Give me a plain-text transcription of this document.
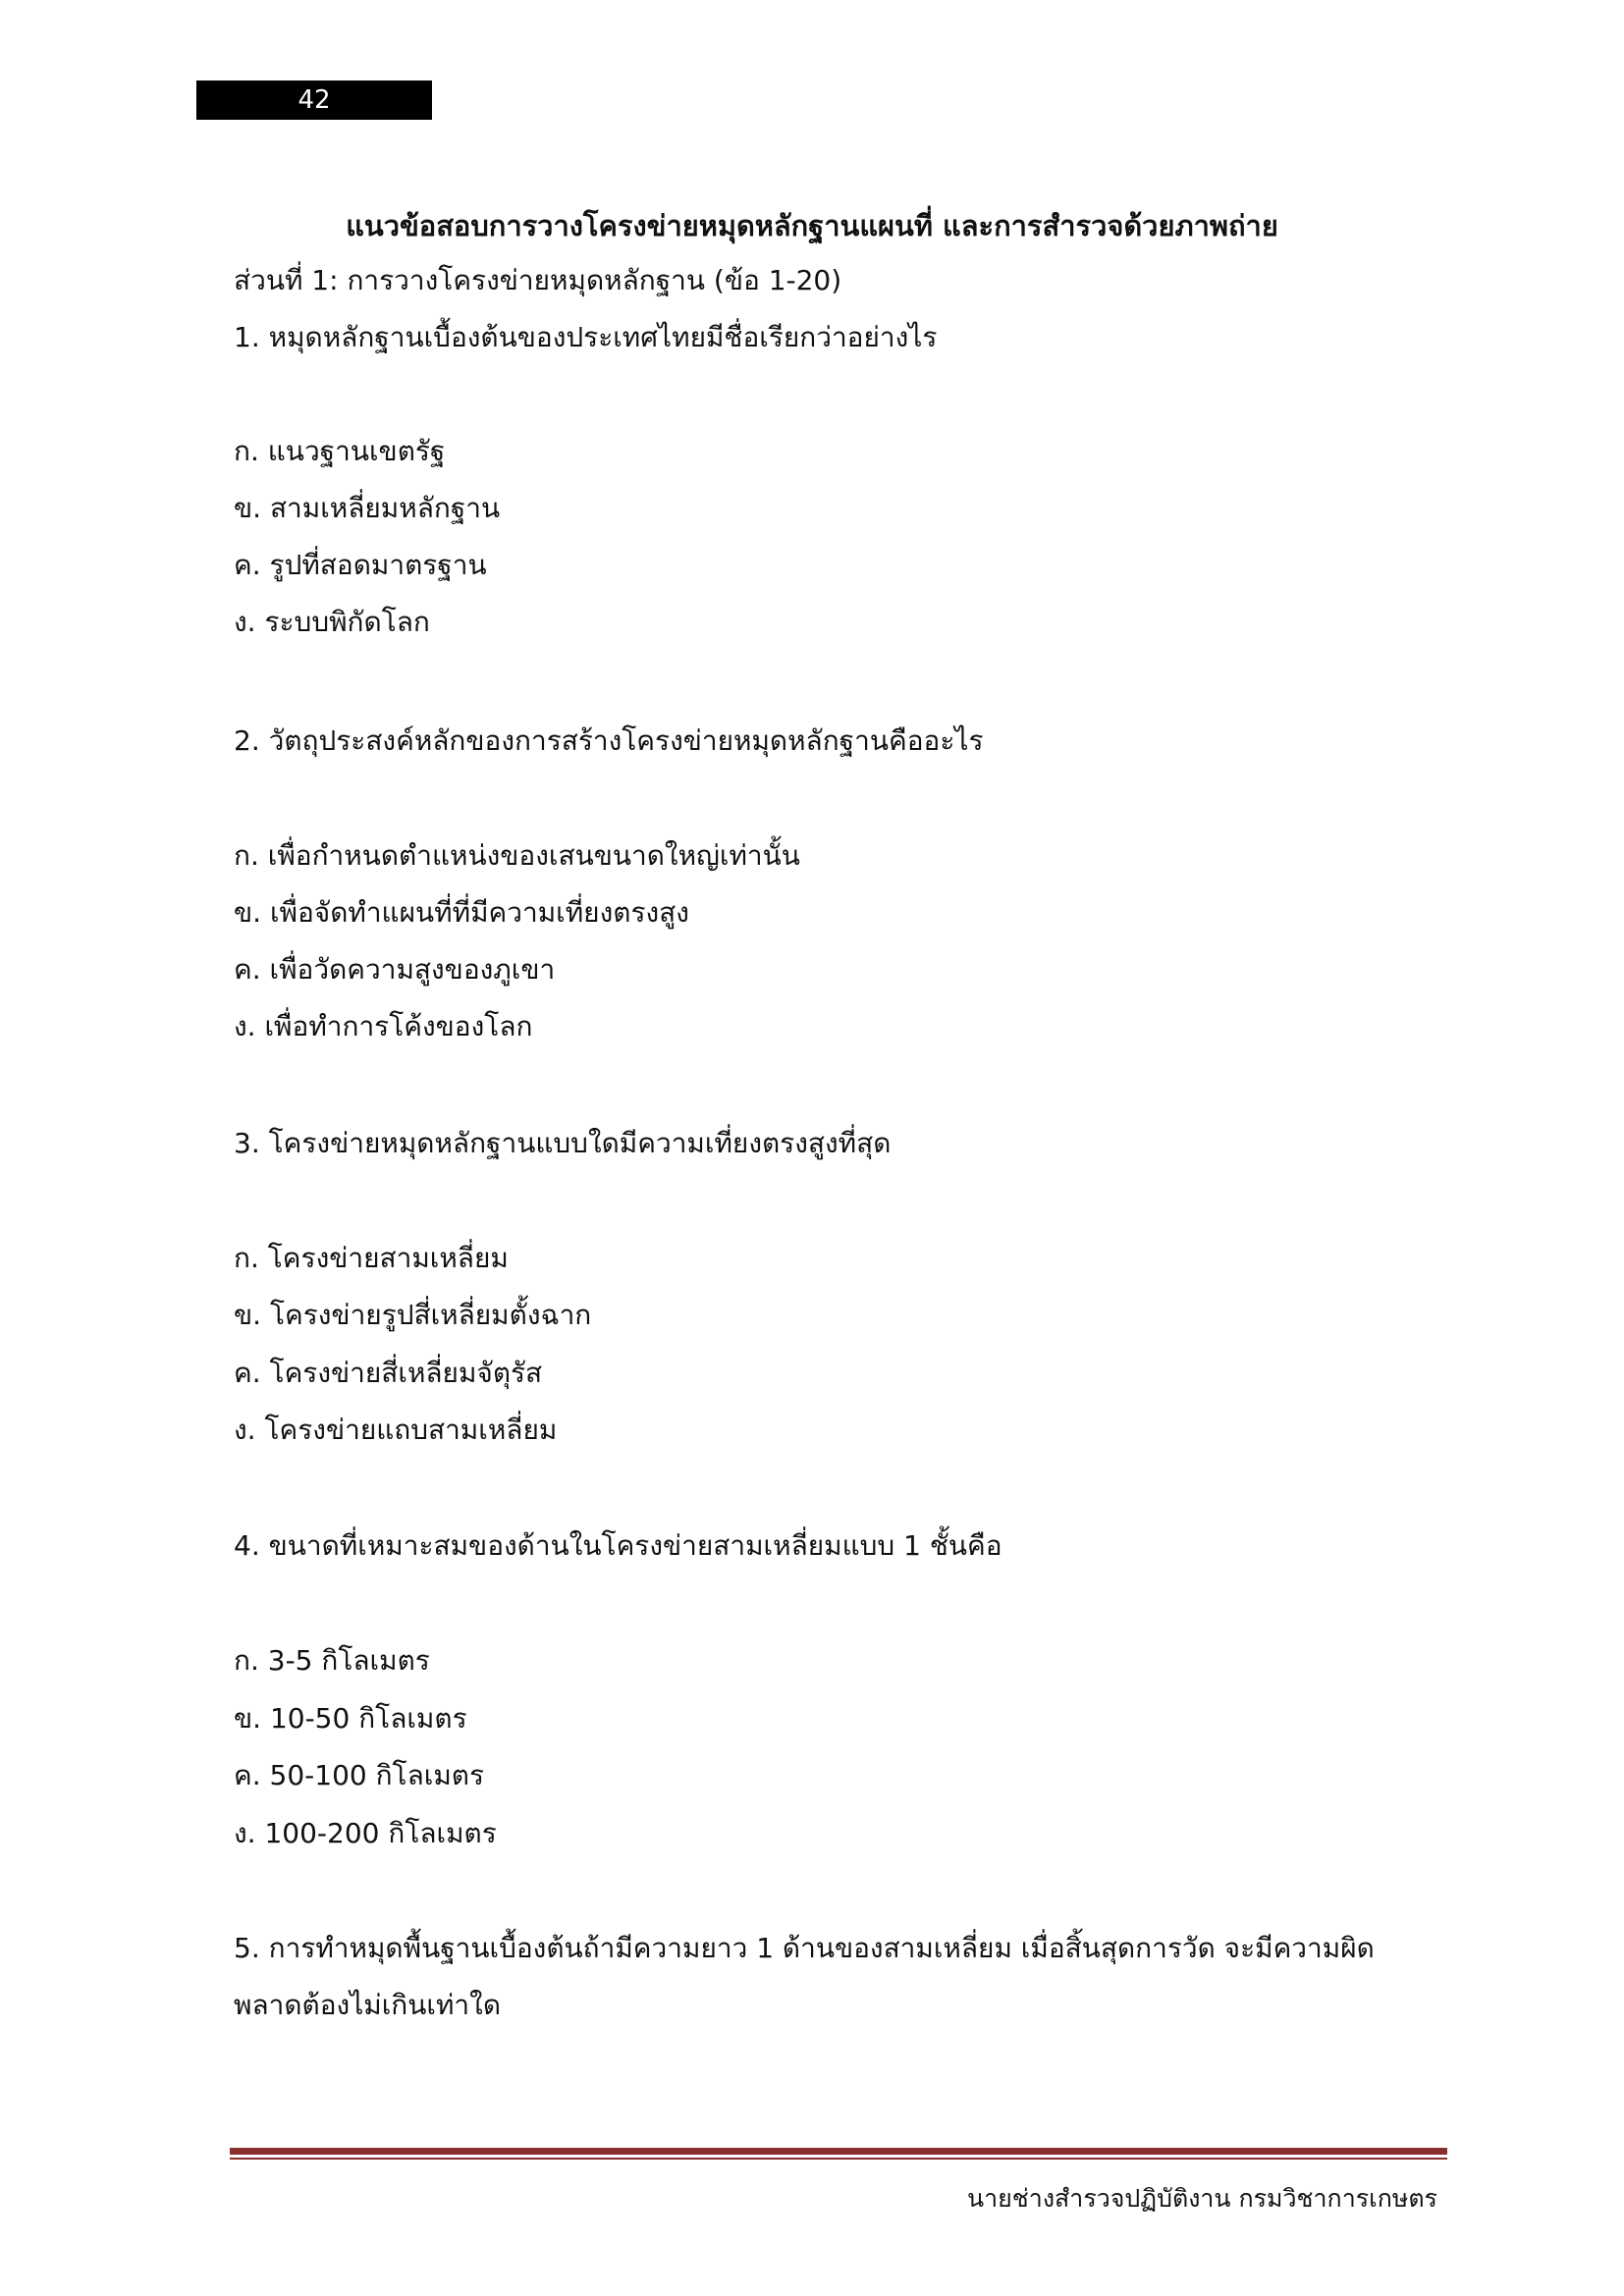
42
แนวข้อสอบการวางโครงข่ายหมุดหลักฐานแผนที่ และการสำรวจด้วยภาพถ่าย
ส่วนที่ 1: การวางโครงข่ายหมุดหลักฐาน (ข้อ 1-20)
1. หมุดหลักฐานเบื้องต้นของประเทศไทยมีชื่อเรียกว่าอย่างไร
ก. แนวฐานเขตรัฐ
ข. สามเหลี่ยมหลักฐาน
ค. รูปที่สอดมาตรฐาน
ง. ระบบพิกัดโลก
2. วัตถุประสงค์หลักของการสร้างโครงข่ายหมุดหลักฐานคืออะไร
ก. เพื่อกำหนดตำแหน่งของเสนขนาดใหญ่เท่านั้น
ข. เพื่อจัดทำแผนที่ที่มีความเที่ยงตรงสูง
ค. เพื่อวัดความสูงของภูเขา
ง. เพื่อทำการโค้งของโลก
3. โครงข่ายหมุดหลักฐานแบบใดมีความเที่ยงตรงสูงที่สุด
ก. โครงข่ายสามเหลี่ยม
ข. โครงข่ายรูปสี่เหลี่ยมตั้งฉาก
ค. โครงข่ายสี่เหลี่ยมจัตุรัส
ง. โครงข่ายแถบสามเหลี่ยม
4. ขนาดที่เหมาะสมของด้านในโครงข่ายสามเหลี่ยมแบบ 1 ชั้นคือ
ก. 3-5 กิโลเมตร
ข. 10-50 กิโลเมตร
ค. 50-100 กิโลเมตร
ง. 100-200 กิโลเมตร
5. การทำหมุดพื้นฐานเบื้องต้นถ้ามีความยาว 1 ด้านของสามเหลี่ยม เมื่อสิ้นสุดการวัด จะมีความผิดพลาดต้องไม่เกินเท่าใด
นายช่างสำรวจปฏิบัติงาน กรมวิชาการเกษตร
